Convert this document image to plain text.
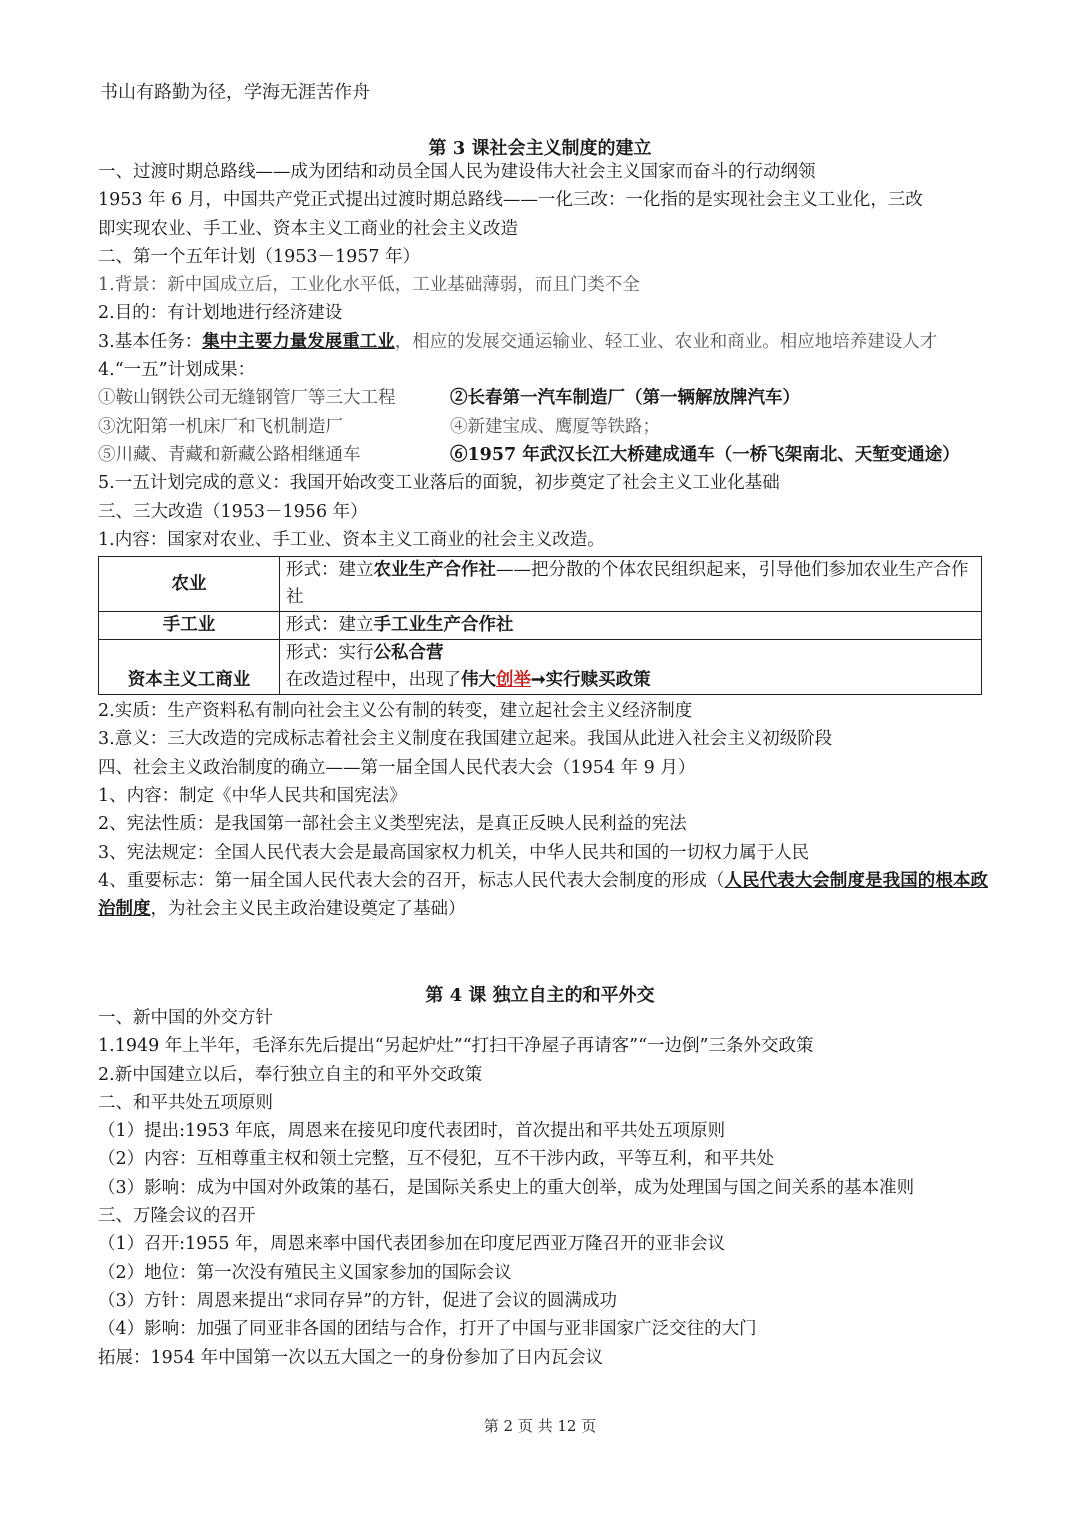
书山有路勤为径，学海无涯苦作舟
第 3 课社会主义制度的建立
一、过渡时期总路线——成为团结和动员全国人民为建设伟大社会主义国家而奋斗的行动纲领
1953 年 6 月，中国共产党正式提出过渡时期总路线——一化三改：一化指的是实现社会主义工业化，三改
即实现农业、手工业、资本主义工商业的社会主义改造
二、第一个五年计划（1953－1957 年）
1.背景：新中国成立后，工业化水平低，工业基础薄弱，而且门类不全
2.目的：有计划地进行经济建设
3.基本任务：集中主要力量发展重工业，相应的发展交通运输业、轻工业、农业和商业。相应地培养建设人才
4.“一五”计划成果：
①鞍山钢铁公司无缝钢管厂等三大工程	②长春第一汽车制造厂（第一辆解放牌汽车）
③沈阳第一机床厂和飞机制造厂	④新建宝成、鹰厦等铁路；
⑤川藏、青藏和新藏公路相继通车	⑥1957 年武汉长江大桥建成通车（一桥飞架南北、天堑变通途）
5.一五计划完成的意义：我国开始改变工业落后的面貌，初步奠定了社会主义工业化基础
三、三大改造（1953－1956 年）
1.内容：国家对农业、手工业、资本主义工商业的社会主义改造。
农业	形式：建立农业生产合作社——把分散的个体农民组织起来，引导他们参加农业生产合作社
手工业	形式：建立手工业生产合作社
资本主义工商业	形式：实行公私合营
在改造过程中，出现了伟大创举➞实行赎买政策
2.实质：生产资料私有制向社会主义公有制的转变，建立起社会主义经济制度
3.意义：三大改造的完成标志着社会主义制度在我国建立起来。我国从此进入社会主义初级阶段
四、社会主义政治制度的确立——第一届全国人民代表大会（1954 年 9 月）
1、内容：制定《中华人民共和国宪法》
2、宪法性质：是我国第一部社会主义类型宪法，是真正反映人民利益的宪法
3、宪法规定：全国人民代表大会是最高国家权力机关，中华人民共和国的一切权力属于人民
4、重要标志：第一届全国人民代表大会的召开，标志人民代表大会制度的形成（人民代表大会制度是我国的根本政治制度，为社会主义民主政治建设奠定了基础）
第 4 课 独立自主的和平外交
一、新中国的外交方针
1.1949 年上半年，毛泽东先后提出“另起炉灶”“打扫干净屋子再请客”“一边倒”三条外交政策
2.新中国建立以后，奉行独立自主的和平外交政策
二、和平共处五项原则
（1）提出:1953 年底，周恩来在接见印度代表团时，首次提出和平共处五项原则
（2）内容：互相尊重主权和领土完整，互不侵犯，互不干涉内政，平等互利，和平共处
（3）影响：成为中国对外政策的基石，是国际关系史上的重大创举，成为处理国与国之间关系的基本准则
三、万隆会议的召开
（1）召开:1955 年，周恩来率中国代表团参加在印度尼西亚万隆召开的亚非会议
（2）地位：第一次没有殖民主义国家参加的国际会议
（3）方针：周恩来提出“求同存异”的方针，促进了会议的圆满成功
（4）影响：加强了同亚非各国的团结与合作，打开了中国与亚非国家广泛交往的大门
拓展：1954 年中国第一次以五大国之一的身份参加了日内瓦会议
第 2 页 共 12 页
